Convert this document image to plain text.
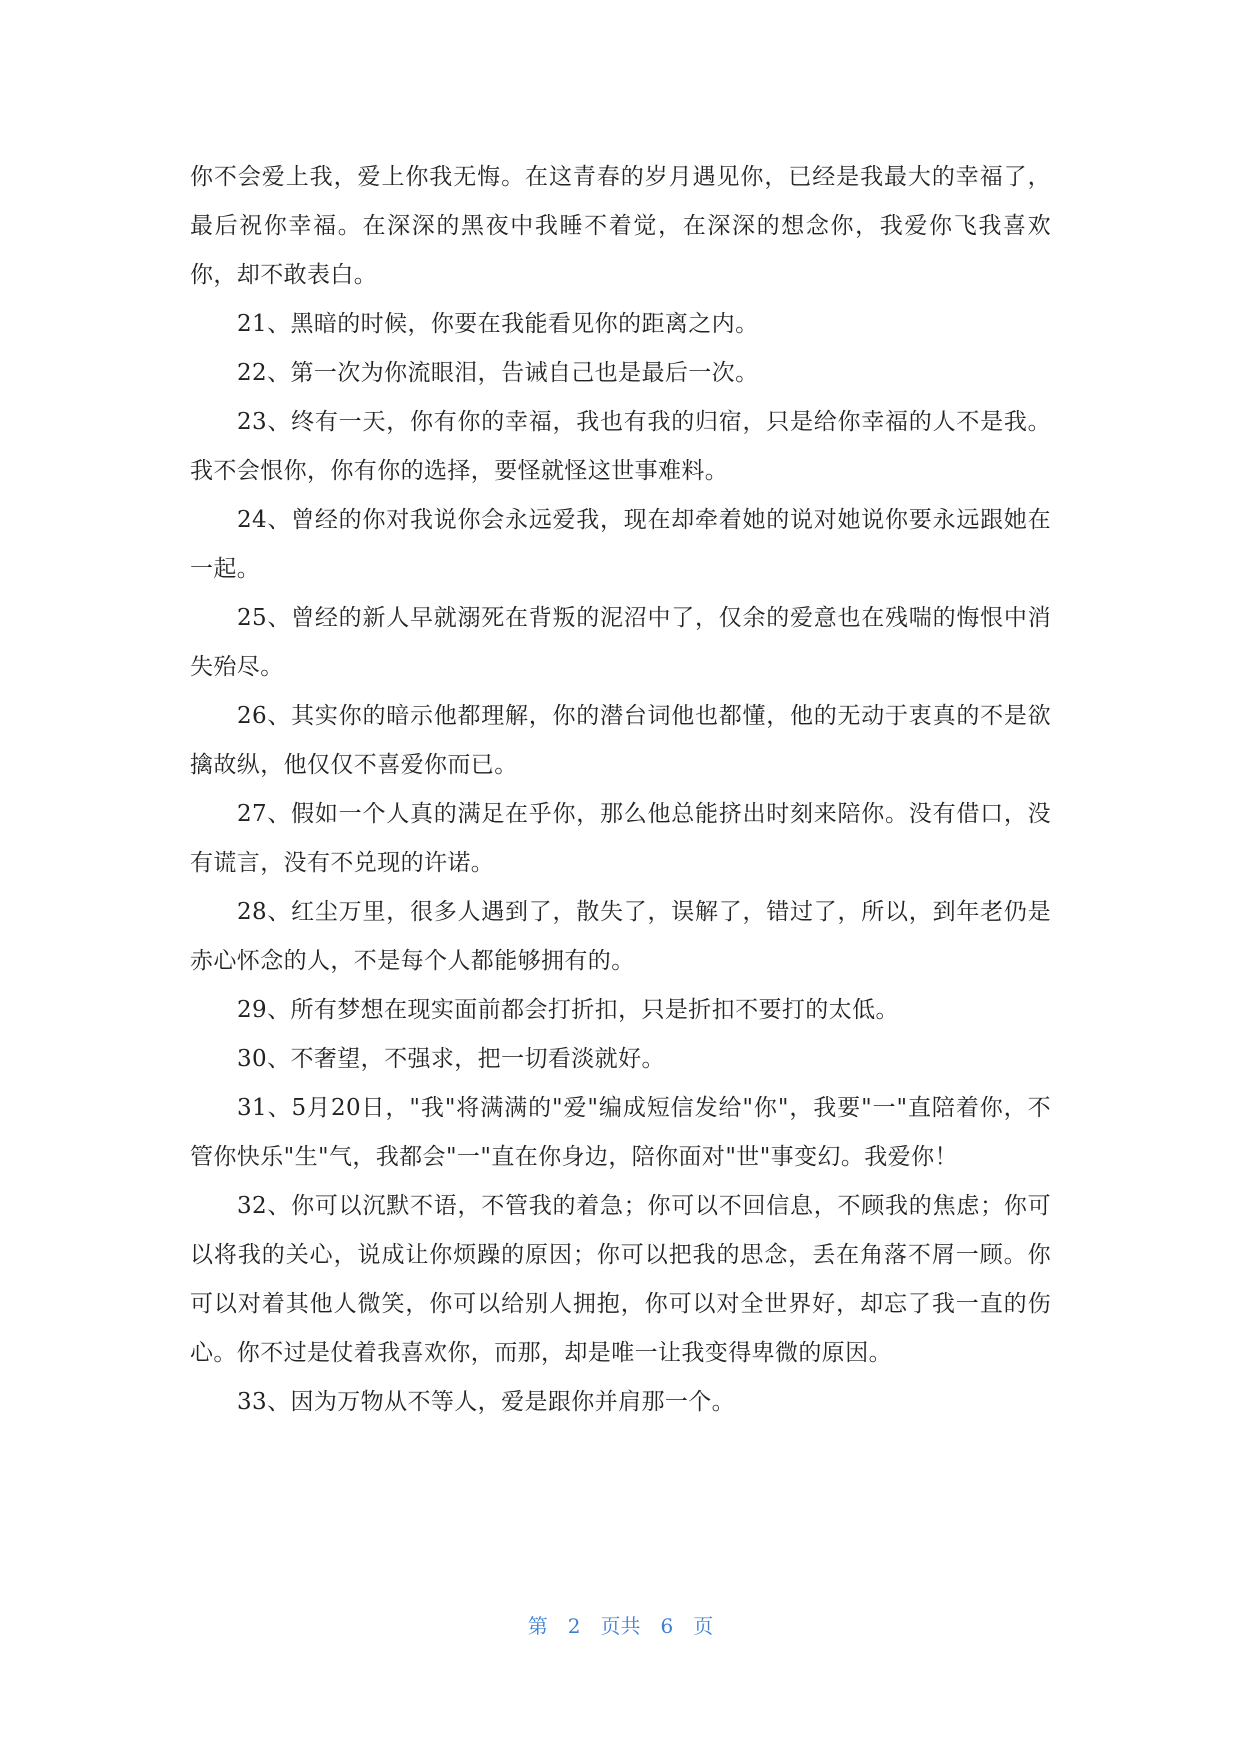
你不会爱上我，爱上你我无悔。在这青春的岁月遇见你，已经是我最大的幸福了，最后祝你幸福。在深深的黑夜中我睡不着觉，在深深的想念你，我爱你飞我喜欢你，却不敢表白。

21、黑暗的时候，你要在我能看见你的距离之内。

22、第一次为你流眼泪，告诫自己也是最后一次。

23、终有一天，你有你的幸福，我也有我的归宿，只是给你幸福的人不是我。我不会恨你，你有你的选择，要怪就怪这世事难料。

24、曾经的你对我说你会永远爱我，现在却牵着她的说对她说你要永远跟她在一起。

25、曾经的新人早就溺死在背叛的泥沼中了，仅余的爱意也在残喘的悔恨中消失殆尽。

26、其实你的暗示他都理解，你的潜台词他也都懂，他的无动于衷真的不是欲擒故纵，他仅仅不喜爱你而已。

27、假如一个人真的满足在乎你，那么他总能挤出时刻来陪你。没有借口，没有谎言，没有不兑现的许诺。

28、红尘万里，很多人遇到了，散失了，误解了，错过了，所以，到年老仍是赤心怀念的人，不是每个人都能够拥有的。

29、所有梦想在现实面前都会打折扣，只是折扣不要打的太低。

30、不奢望，不强求，把一切看淡就好。

31、5月20日，"我"将满满的"爱"编成短信发给"你"，我要"一"直陪着你，不管你快乐"生"气，我都会"一"直在你身边，陪你面对"世"事变幻。我爱你！

32、你可以沉默不语，不管我的着急；你可以不回信息，不顾我的焦虑；你可以将我的关心，说成让你烦躁的原因；你可以把我的思念，丢在角落不屑一顾。你可以对着其他人微笑，你可以给别人拥抱，你可以对全世界好，却忘了我一直的伤心。你不过是仗着我喜欢你，而那，却是唯一让我变得卑微的原因。

33、因为万物从不等人，爱是跟你并肩那一个。

第 2 页共 6 页
